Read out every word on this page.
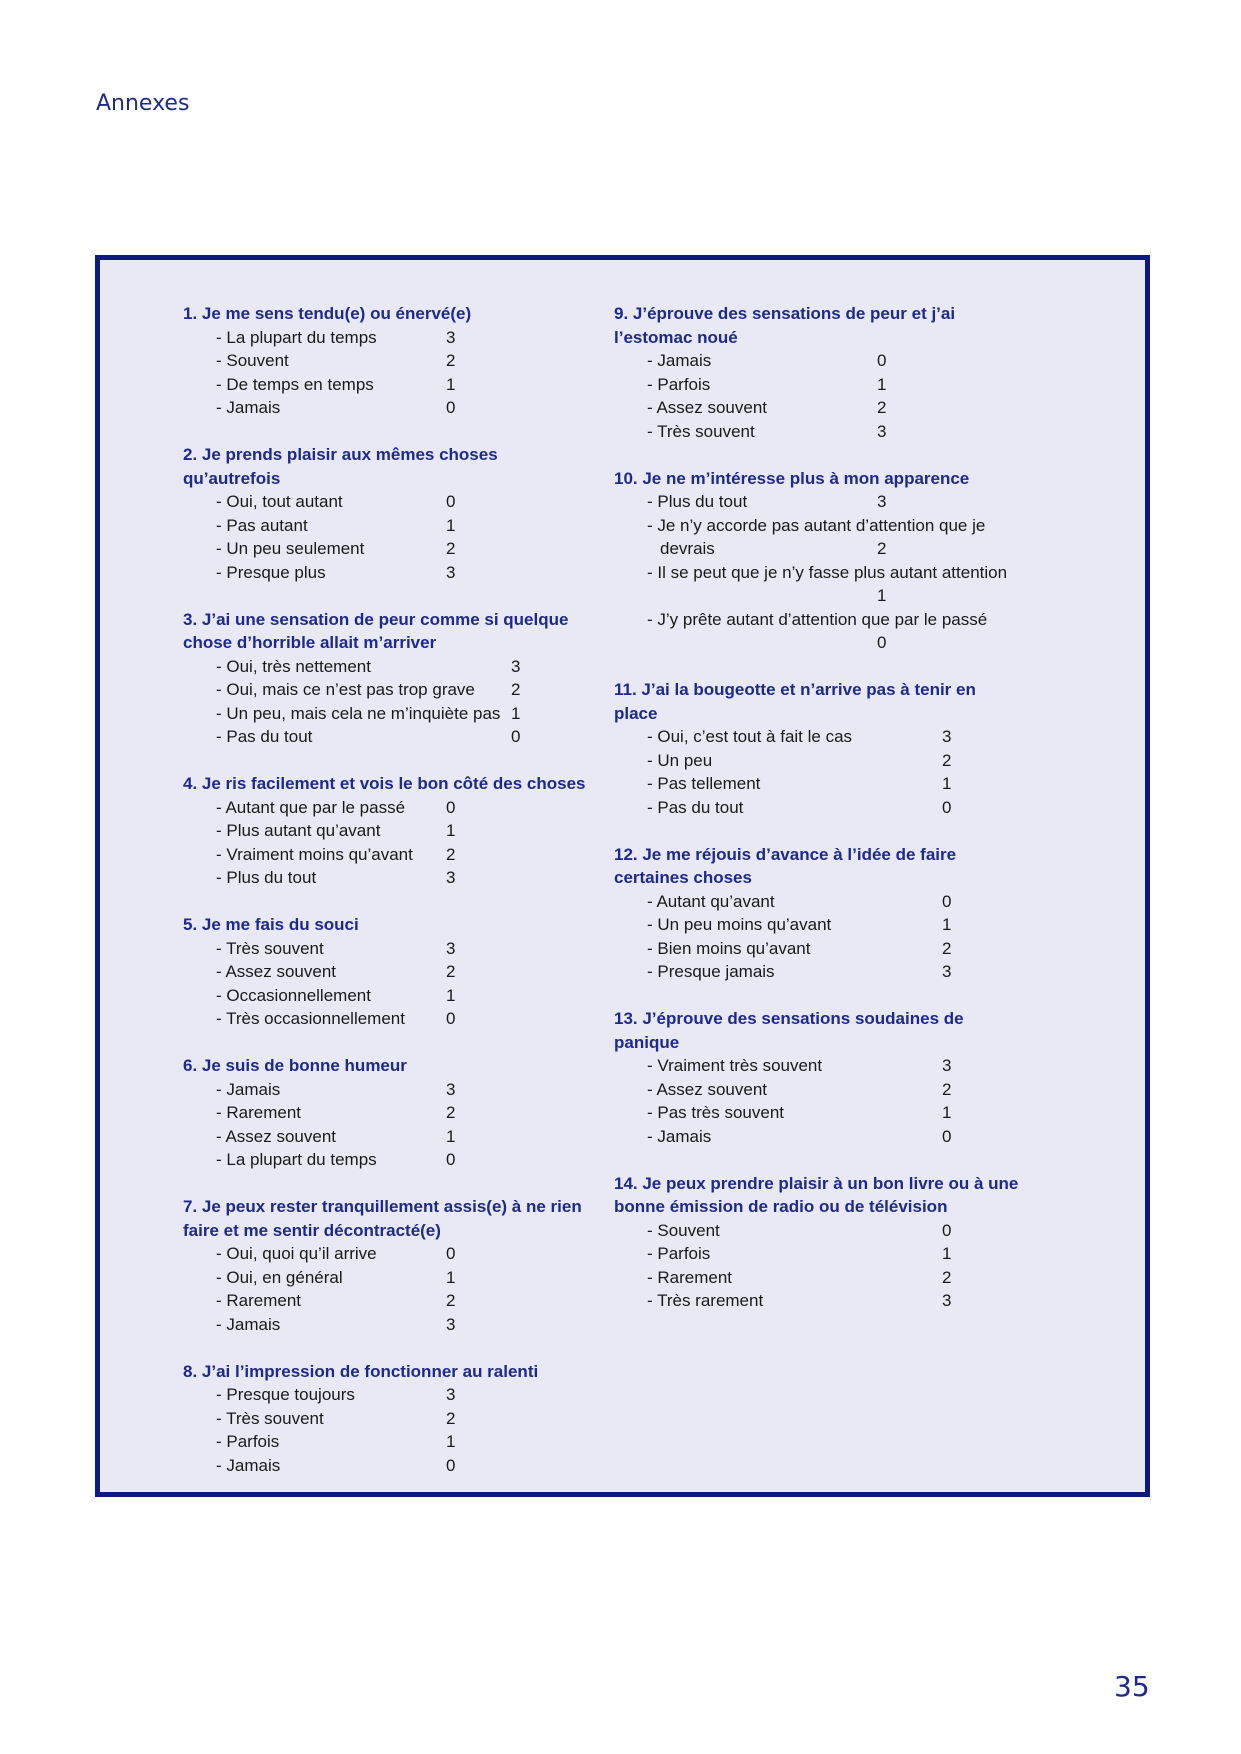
Annexes
1. Je me sens tendu(e) ou énervé(e)
- La plupart du temps	3
- Souvent	2
- De temps en temps	1
- Jamais	0
2. Je prends plaisir aux mêmes choses
qu’autrefois
- Oui, tout autant	0
- Pas autant	1
- Un peu seulement	2
- Presque plus	3
3. J’ai une sensation de peur comme si quelque
chose d’horrible allait m’arriver
- Oui, très nettement	3
- Oui, mais ce n’est pas trop grave 2
- Un peu, mais cela ne m’inquiète pas 1
- Pas du tout	0
4. Je ris facilement et vois le bon côté des choses
- Autant que par le passé 0
- Plus autant qu’avant	1
- Vraiment moins qu’avant 2
- Plus du tout	3
5. Je me fais du souci
- Très souvent	3
- Assez souvent	2
- Occasionnellement	1
- Très occasionnellement 0
6. Je suis de bonne humeur
- Jamais	3
- Rarement	2
- Assez souvent	1
- La plupart du temps	0
7. Je peux rester tranquillement assis(e) à ne rien
faire et me sentir décontracté(e)
- Oui, quoi qu’il arrive	0
- Oui, en général	1
- Rarement	2
- Jamais	3
8. J’ai l’impression de fonctionner au ralenti
- Presque toujours	3
- Très souvent	2
- Parfois	1
- Jamais	0
9. J’éprouve des sensations de peur et j’ai
l’estomac noué
- Jamais	0
- Parfois	1
- Assez souvent	2
- Très souvent	3
10. Je ne m’intéresse plus à mon apparence
- Plus du tout	3
- Je n’y accorde pas autant d’attention que je
devrais	2
- Il se peut que je n’y fasse plus autant attention
1
- J’y prête autant d’attention que par le passé
0
11. J’ai la bougeotte et n’arrive pas à tenir en
place
- Oui, c’est tout à fait le cas	3
- Un peu	2
- Pas tellement	1
- Pas du tout	0
12. Je me réjouis d’avance à l’idée de faire
certaines choses
- Autant qu’avant	0
- Un peu moins qu’avant	1
- Bien moins qu’avant	2
- Presque jamais	3
13. J’éprouve des sensations soudaines de
panique
- Vraiment très souvent	3
- Assez souvent	2
- Pas très souvent	1
- Jamais	0
14. Je peux prendre plaisir à un bon livre ou à une
bonne émission de radio ou de télévision
- Souvent	0
- Parfois	1
- Rarement	2
- Très rarement	3
35
